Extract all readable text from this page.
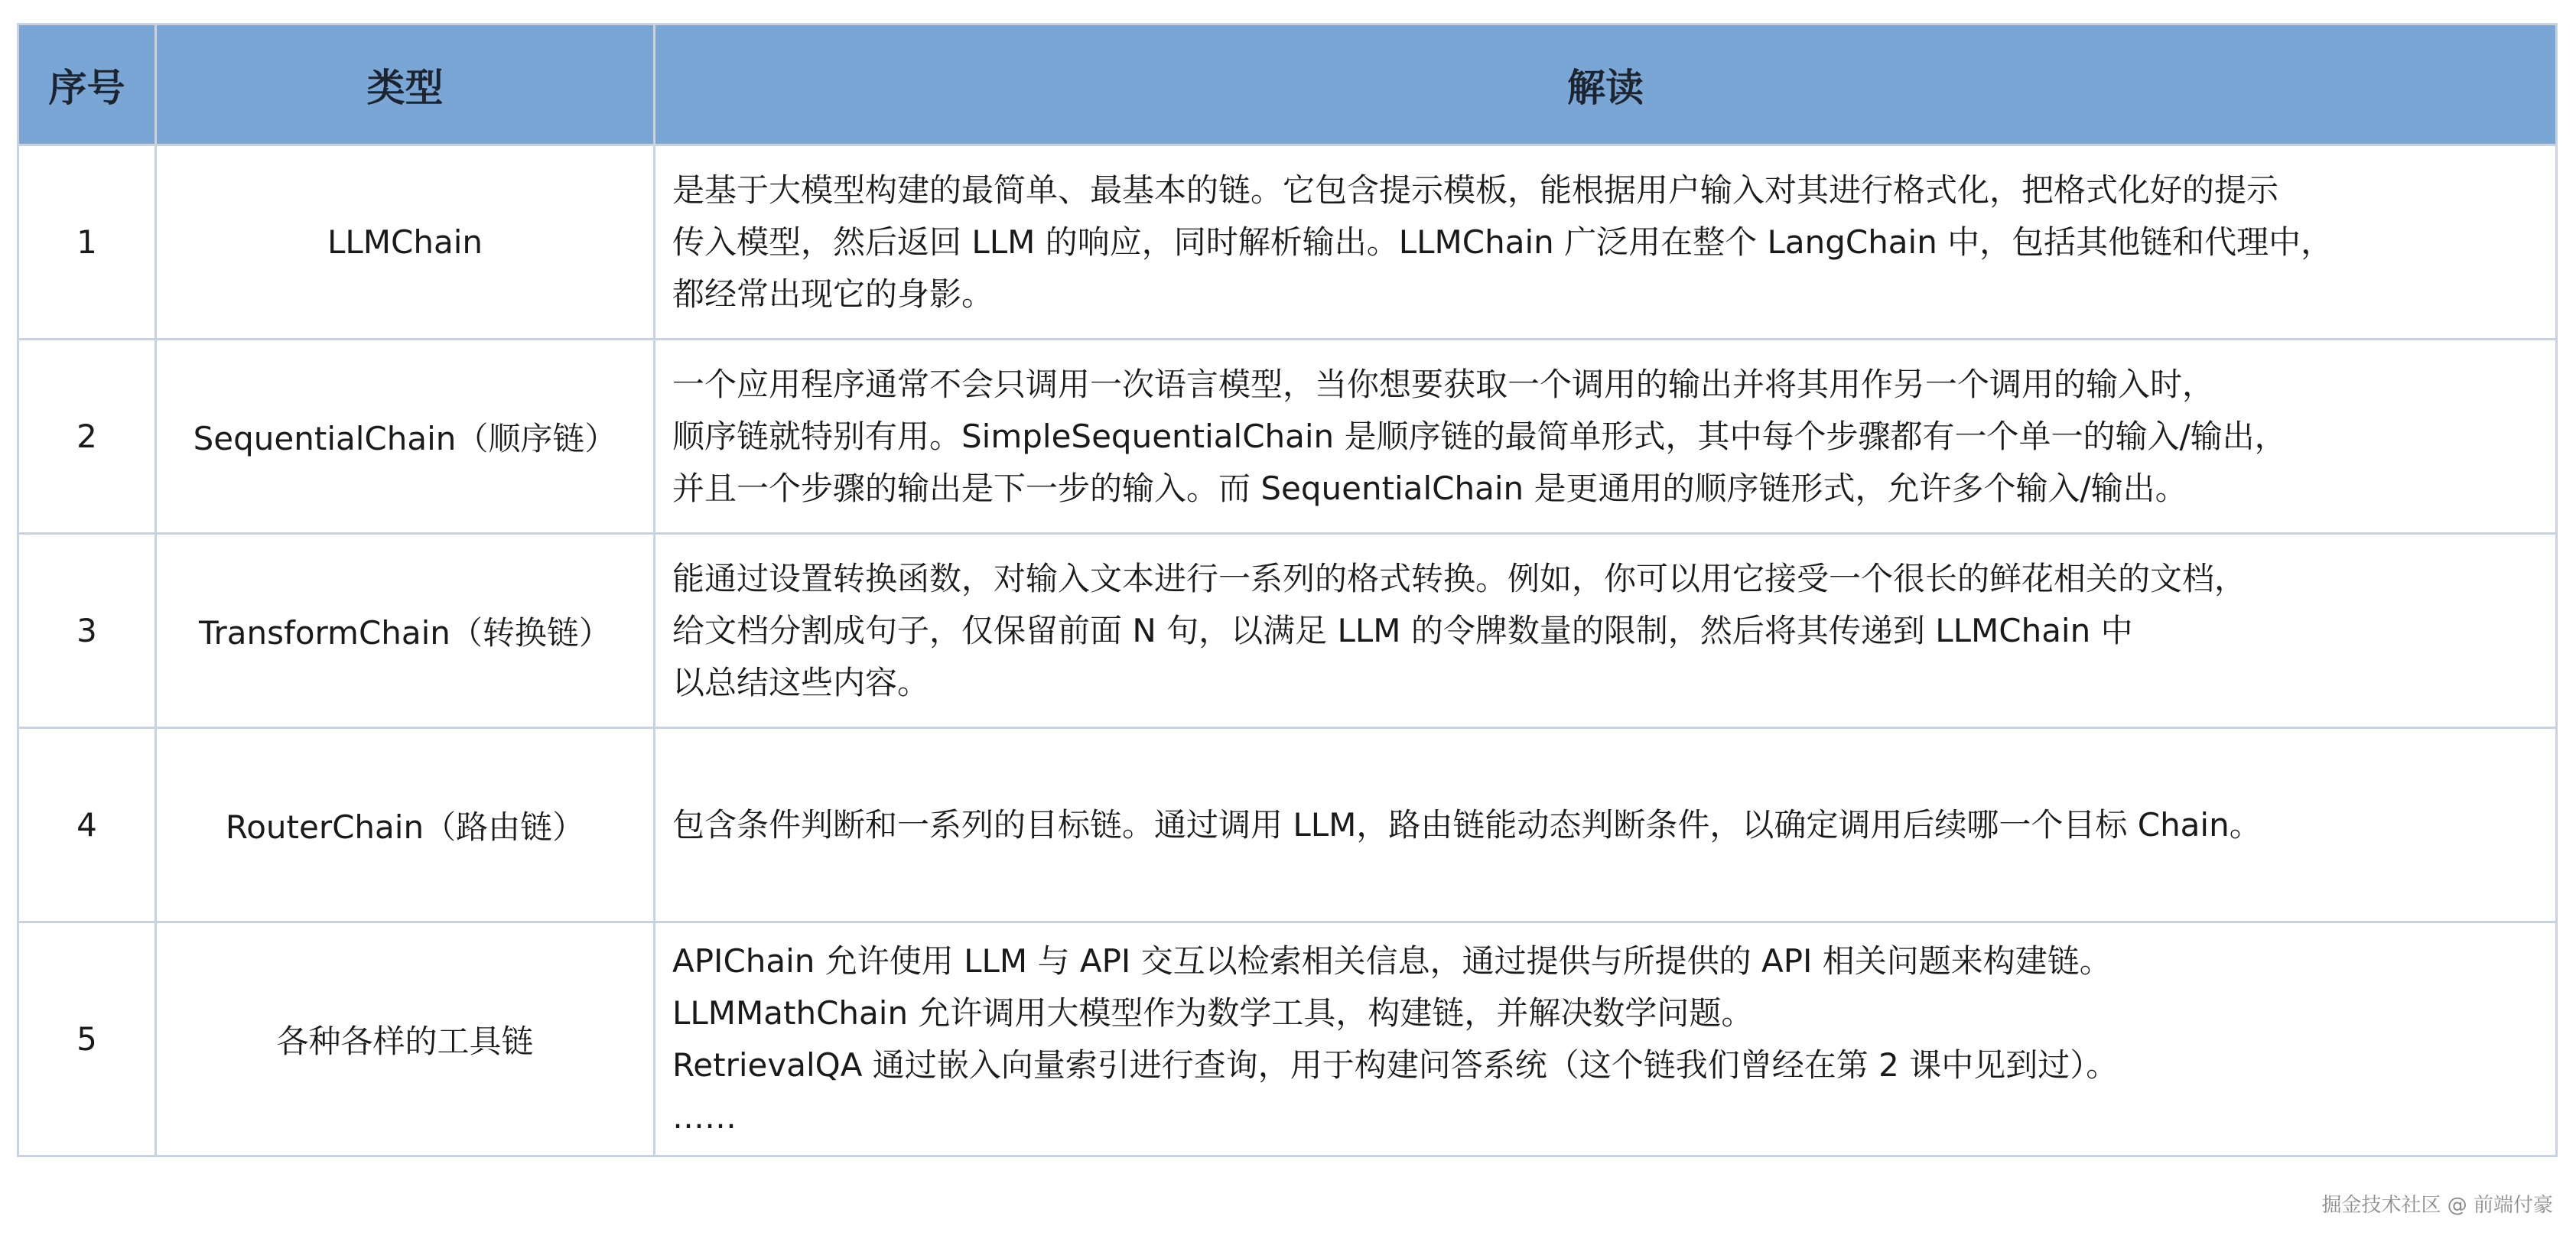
序号	类型	解读
1	LLMChain	是基于大模型构建的最简单、最基本的链。它包含提示模板，能根据用户输入对其进行格式化，把格式化好的提示
传入模型，然后返回 LLM 的响应，同时解析输出。LLMChain 广泛用在整个 LangChain 中，包括其他链和代理中，
都经常出现它的身影。

2	SequentialChain（顺序链）	一个应用程序通常不会只调用一次语言模型，当你想要获取一个调用的输出并将其用作另一个调用的输入时，
顺序链就特别有用。SimpleSequentialChain 是顺序链的最简单形式，其中每个步骤都有一个单一的输入/输出，
并且一个步骤的输出是下一步的输入。而 SequentialChain 是更通用的顺序链形式，允许多个输入/输出。

3	TransformChain（转换链）	能通过设置转换函数，对输入文本进行一系列的格式转换。例如，你可以用它接受一个很长的鲜花相关的文档，
给文档分割成句子，仅保留前面 N 句，以满足 LLM 的令牌数量的限制，然后将其传递到 LLMChain 中
以总结这些内容。

4	RouterChain（路由链）	包含条件判断和一系列的目标链。通过调用 LLM，路由链能动态判断条件，以确定调用后续哪一个目标 Chain。

5	各种各样的工具链	APIChain 允许使用 LLM 与 API 交互以检索相关信息，通过提供与所提供的 API 相关问题来构建链。
LLMMathChain 允许调用大模型作为数学工具，构建链，并解决数学问题。
RetrievalQA 通过嵌入向量索引进行查询，用于构建问答系统（这个链我们曾经在第 2 课中见到过）。
……
掘金技术社区 @ 前端付豪
